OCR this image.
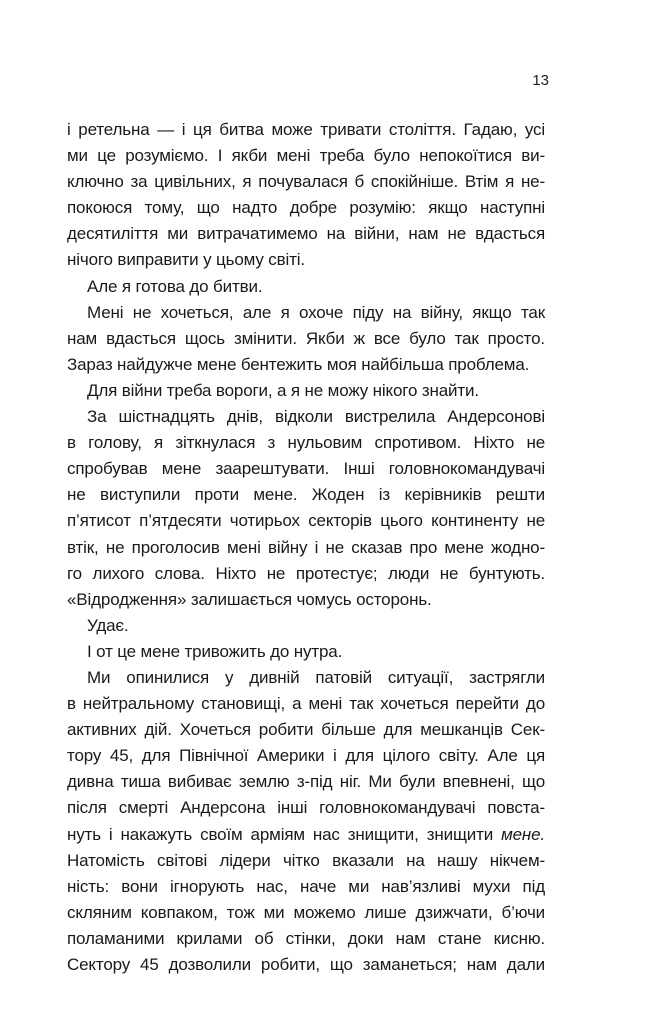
13
і ретельна — і ця битва може тривати століття. Гадаю, усі
ми це розуміємо. І якби мені треба було непокоїтися ви-
ключно за цивільних, я почувалася б спокійніше. Втім я не-
покоюся тому, що надто добре розумію: якщо наступні
десятиліття ми витрачатимемо на війни, нам не вдасться
нічого виправити у цьому світі.
Але я готова до битви.
Мені не хочеться, але я охоче піду на війну, якщо так
нам вдасться щось змінити. Якби ж все було так просто.
Зараз найдужче мене бентежить моя найбільша проблема.
Для війни треба вороги, а я не можу нікого знайти.
За шістнадцять днів, відколи вистрелила Андерсонові
в голову, я зіткнулася з нульовим спротивом. Ніхто не
спробував мене заарештувати. Інші головнокомандувачі
не виступили проти мене. Жоден із керівників решти
п’ятисот п’ятдесяти чотирьох секторів цього континенту не
втік, не проголосив мені війну і не сказав про мене жодно-
го лихого слова. Ніхто не протестує; люди не бунтують.
«Відродження» залишається чомусь осторонь.
Удає.
І от це мене тривожить до нутра.
Ми опинилися у дивній патовій ситуації, застрягли
в нейтральному становищі, а мені так хочеться перейти до
активних дій. Хочеться робити більше для мешканців Сек-
тору 45, для Північної Америки і для цілого світу. Але ця
дивна тиша вибиває землю з-під ніг. Ми були впевнені, що
після смерті Андерсона інші головнокомандувачі повста-
нуть і накажуть своїм арміям нас знищити, знищити мене.
Натомість світові лідери чітко вказали на нашу нікчем-
ність: вони ігнорують нас, наче ми нав’язливі мухи під
скляним ковпаком, тож ми можемо лише дзижчати, б’ючи
поламаними крилами об стінки, доки нам стане кисню.
Сектору 45 дозволили робити, що заманеться; нам дали
